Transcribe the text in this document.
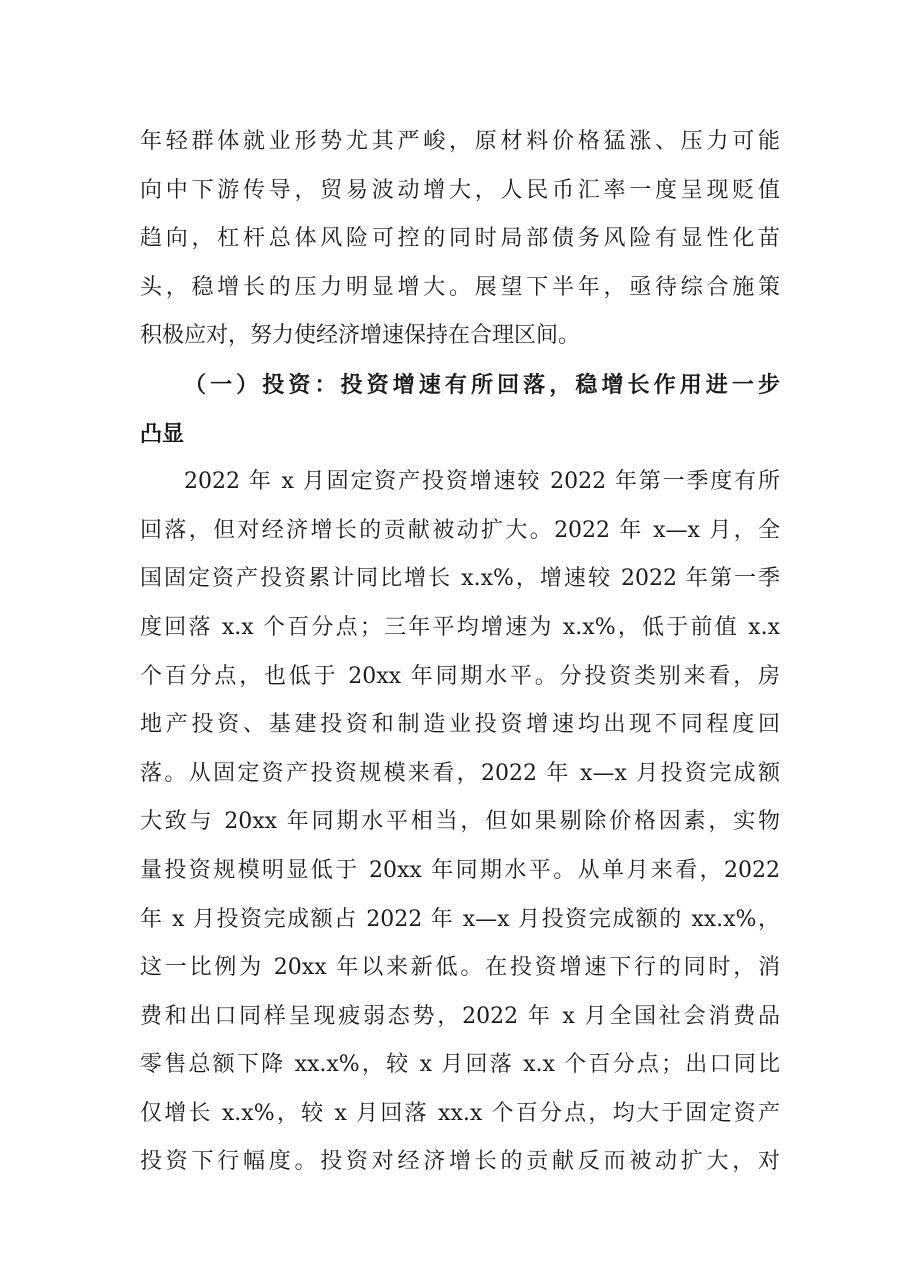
年轻群体就业形势尤其严峻，原材料价格猛涨、压力可能
向中下游传导，贸易波动增大，人民币汇率一度呈现贬值
趋向，杠杆总体风险可控的同时局部债务风险有显性化苗
头，稳增长的压力明显增大。展望下半年，亟待综合施策
积极应对，努力使经济增速保持在合理区间。
（一）投资：投资增速有所回落，稳增长作用进一步
凸显
2022 年 x 月固定资产投资增速较 2022 年第一季度有所
回落，但对经济增长的贡献被动扩大。2022 年 x—x 月，全
国固定资产投资累计同比增长 x.x%，增速较 2022 年第一季
度回落 x.x 个百分点；三年平均增速为 x.x%，低于前值 x.x
个百分点，也低于 20xx 年同期水平。分投资类别来看，房
地产投资、基建投资和制造业投资增速均出现不同程度回
落。从固定资产投资规模来看，2022 年 x—x 月投资完成额
大致与 20xx 年同期水平相当，但如果剔除价格因素，实物
量投资规模明显低于 20xx 年同期水平。从单月来看，2022
年 x 月投资完成额占 2022 年 x—x 月投资完成额的 xx.x%，
这一比例为 20xx 年以来新低。在投资增速下行的同时，消
费和出口同样呈现疲弱态势，2022 年 x 月全国社会消费品
零售总额下降 xx.x%，较 x 月回落 x.x 个百分点；出口同比
仅增长 x.x%，较 x 月回落 xx.x 个百分点，均大于固定资产
投资下行幅度。投资对经济增长的贡献反而被动扩大，对
